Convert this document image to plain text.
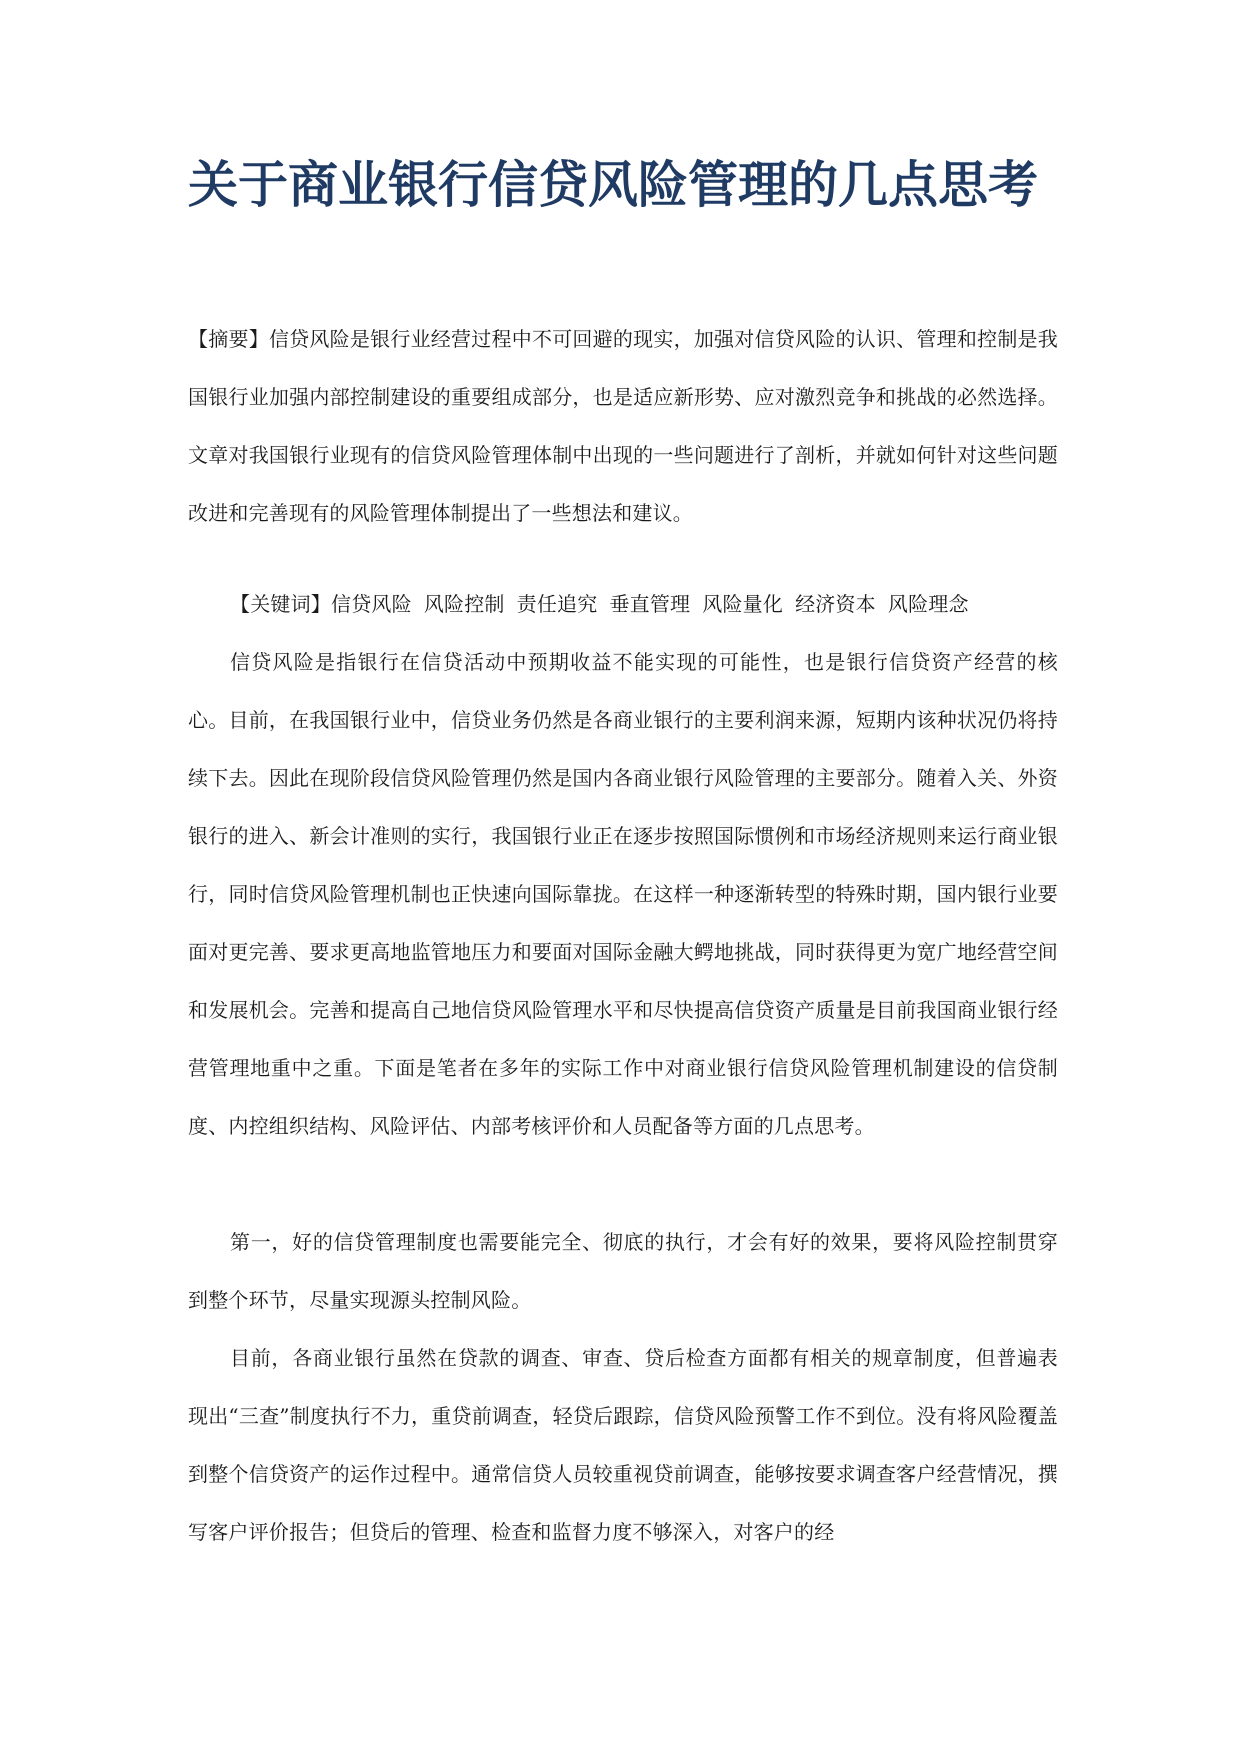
关于商业银行信贷风险管理的几点思考

【摘要】信贷风险是银行业经营过程中不可回避的现实，加强对信贷风险的认识、管理和控制是我国银行业加强内部控制建设的重要组成部分，也是适应新形势、应对激烈竞争和挑战的必然选择。文章对我国银行业现有的信贷风险管理体制中出现的一些问题进行了剖析，并就如何针对这些问题改进和完善现有的风险管理体制提出了一些想法和建议。

【关键词】信贷风险 风险控制 责任追究 垂直管理 风险量化 经济资本 风险理念

信贷风险是指银行在信贷活动中预期收益不能实现的可能性，也是银行信贷资产经营的核心。目前，在我国银行业中，信贷业务仍然是各商业银行的主要利润来源，短期内该种状况仍将持续下去。因此在现阶段信贷风险管理仍然是国内各商业银行风险管理的主要部分。随着入关、外资银行的进入、新会计准则的实行，我国银行业正在逐步按照国际惯例和市场经济规则来运行商业银行，同时信贷风险管理机制也正快速向国际靠拢。在这样一种逐渐转型的特殊时期，国内银行业要面对更完善、要求更高地监管地压力和要面对国际金融大鳄地挑战，同时获得更为宽广地经营空间和发展机会。完善和提高自己地信贷风险管理水平和尽快提高信贷资产质量是目前我国商业银行经营管理地重中之重。下面是笔者在多年的实际工作中对商业银行信贷风险管理机制建设的信贷制度、内控组织结构、风险评估、内部考核评价和人员配备等方面的几点思考。

第一，好的信贷管理制度也需要能完全、彻底的执行，才会有好的效果，要将风险控制贯穿到整个环节，尽量实现源头控制风险。

目前，各商业银行虽然在贷款的调查、审查、贷后检查方面都有相关的规章制度，但普遍表现出“三查”制度执行不力，重贷前调查，轻贷后跟踪，信贷风险预警工作不到位。没有将风险覆盖到整个信贷资产的运作过程中。通常信贷人员较重视贷前调查，能够按要求调查客户经营情况，撰写客户评价报告；但贷后的管理、检查和监督力度不够深入，对客户的经
